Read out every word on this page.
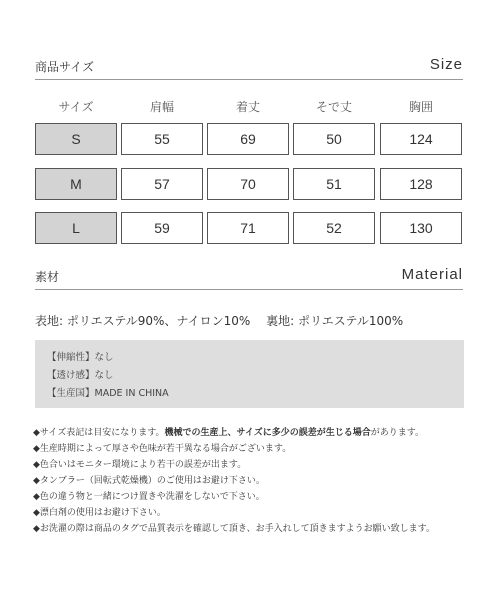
商品サイズ	Size
サイズ	肩幅	着丈	そで丈	胸囲
S	55	69	50	124
M	57	70	51	128
L	59	71	52	130
素材	Material
表地: ポリエステル90%、ナイロン10% 裏地: ポリエステル100%
【伸縮性】なし
【透け感】なし
【生産国】MADE IN CHINA
◆サイズ表記は目安になります。機械での生産上、サイズに多少の誤差が生じる場合があります。
◆生産時期によって厚さや色味が若干異なる場合がございます。
◆色合いはモニター環境により若干の誤差が出ます。
◆タンブラー（回転式乾燥機）のご使用はお避け下さい。
◆色の違う物と一緒につけ置きや洗濯をしないで下さい。
◆漂白剤の使用はお避け下さい。
◆お洗濯の際は商品のタグで品質表示を確認して頂き、お手入れして頂きますようお願い致します。
